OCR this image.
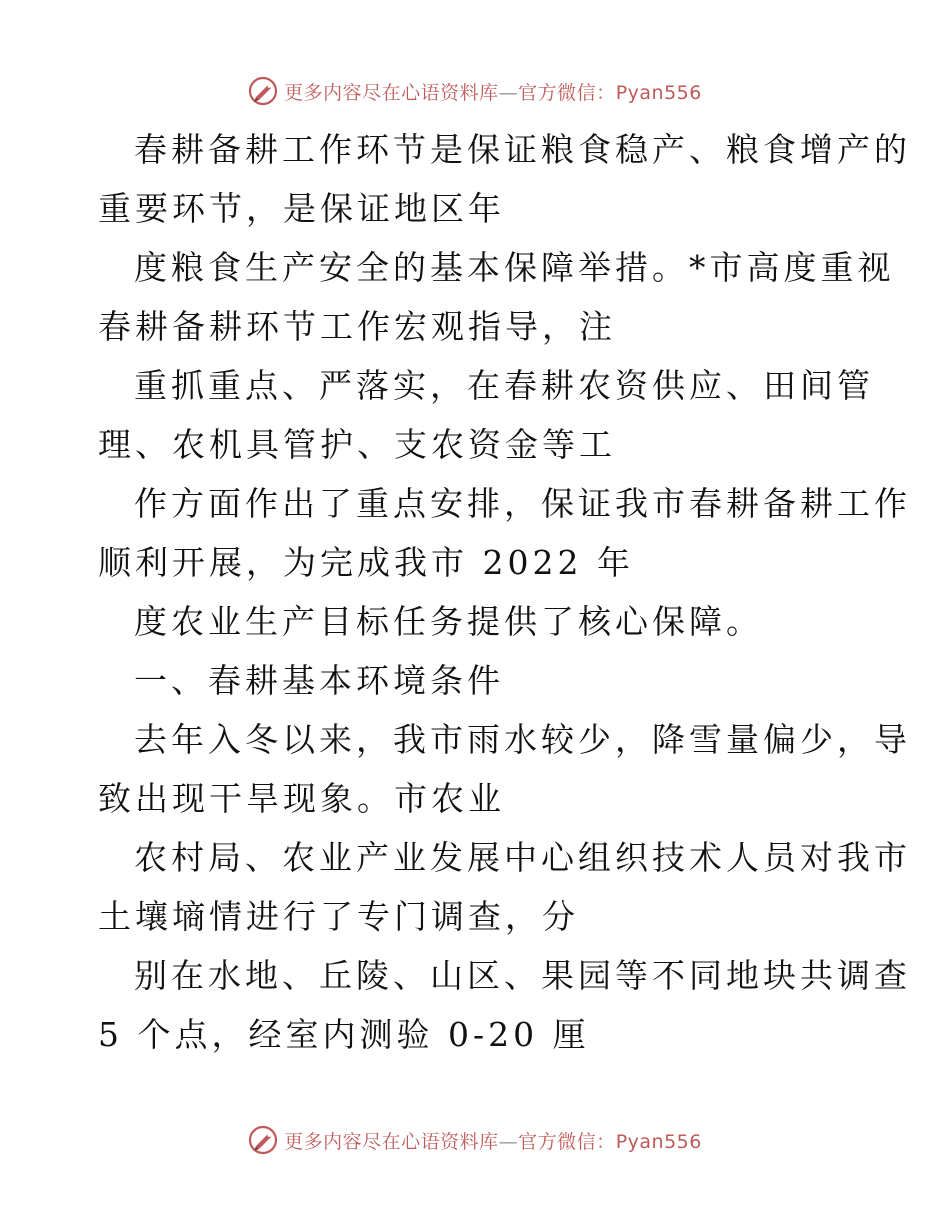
更多内容尽在心语资料库—官方微信：Pyan556
春耕备耕工作环节是保证粮食稳产、粮食增产的
重要环节，是保证地区年
度粮食生产安全的基本保障举措。*市高度重视
春耕备耕环节工作宏观指导，注
重抓重点、严落实，在春耕农资供应、田间管
理、农机具管护、支农资金等工
作方面作出了重点安排，保证我市春耕备耕工作
顺利开展，为完成我市 2022 年
度农业生产目标任务提供了核心保障。
一、春耕基本环境条件
去年入冬以来，我市雨水较少，降雪量偏少，导
致出现干旱现象。市农业
农村局、农业产业发展中心组织技术人员对我市
土壤墒情进行了专门调查，分
别在水地、丘陵、山区、果园等不同地块共调查
5 个点，经室内测验 0-20 厘
更多内容尽在心语资料库—官方微信：Pyan556
